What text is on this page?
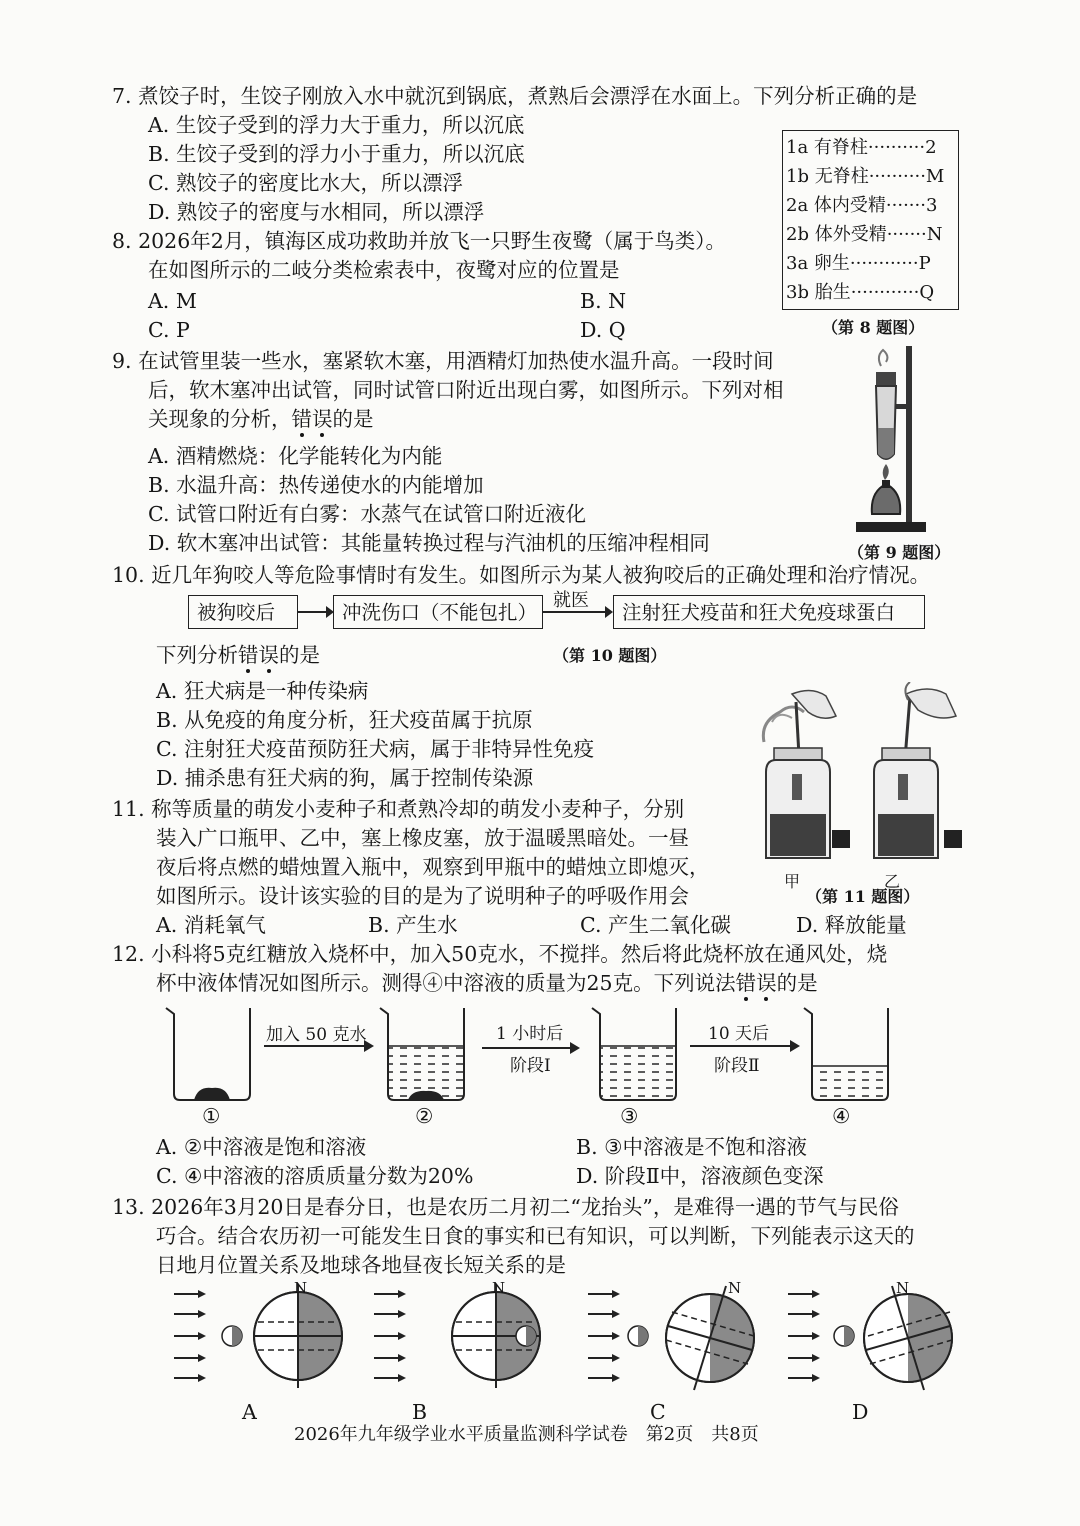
7. 煮饺子时，生饺子刚放入水中就沉到锅底，煮熟后会漂浮在水面上。下列分析正确的是
A. 生饺子受到的浮力大于重力，所以沉底
B. 生饺子受到的浮力小于重力，所以沉底
C. 熟饺子的密度比水大，所以漂浮
D. 熟饺子的密度与水相同，所以漂浮
1a 有脊柱··········2
1b 无脊柱··········M
2a 体内受精·······3
2b 体外受精·······N
3a 卵生············P
3b 胎生············Q
（第 8 题图）
8. 2026年2月，镇海区成功救助并放飞一只野生夜鹭（属于鸟类）。
在如图所示的二岐分类检索表中，夜鹭对应的位置是
A. M	B. N
C. P	D. Q
9. 在试管里装一些水，塞紧软木塞，用酒精灯加热使水温升高。一段时间
后，软木塞冲出试管，同时试管口附近出现白雾，如图所示。下列对相
关现象的分析，错误的是
A. 酒精燃烧：化学能转化为内能
B. 水温升高：热传递使水的内能增加
C. 试管口附近有白雾：水蒸气在试管口附近液化
D. 软木塞冲出试管：其能量转换过程与汽油机的压缩冲程相同	（第 9 题图）
10. 近几年狗咬人等危险事情时有发生。如图所示为某人被狗咬后的正确处理和治疗情况。
被狗咬后	冲洗伤口（不能包扎）
就医
注射狂犬疫苗和狂犬免疫球蛋白
下列分析错误的是	（第 10 题图）
A. 狂犬病是一种传染病
B. 从免疫的角度分析，狂犬疫苗属于抗原
C. 注射狂犬疫苗预防狂犬病，属于非特异性免疫
D. 捕杀患有狂犬病的狗，属于控制传染源
11. 称等质量的萌发小麦种子和煮熟冷却的萌发小麦种子，分别
装入广口瓶甲、乙中，塞上橡皮塞，放于温暖黑暗处。一昼
夜后将点燃的蜡烛置入瓶中，观察到甲瓶中的蜡烛立即熄灭，
如图所示。设计该实验的目的是为了说明种子的呼吸作用会
A. 消耗氧气	B. 产生水	C. 产生二氧化碳	D. 释放能量
甲
（第 11 题图）
乙
12. 小科将5克红糖放入烧杯中，加入50克水，不搅拌。然后将此烧杯放在通风处，烧
杯中液体情况如图所示。测得④中溶液的质量为25克。下列说法错误的是
加入 50 克水	1 小时后
阶段Ⅰ
10 天后
阶段Ⅱ
①	②	③	④
A. ②中溶液是饱和溶液	B. ③中溶液是不饱和溶液
C. ④中溶液的溶质质量分数为20%	D. 阶段Ⅱ中，溶液颜色变深
13. 2026年3月20日是春分日，也是农历二月初二“龙抬头”，是难得一遇的节气与民俗
巧合。结合农历初一可能发生日食的事实和已有知识，可以判断，下列能表示这天的
日地月位置关系及地球各地昼夜长短关系的是
N	N	N	N
A	B	C	D
2026年九年级学业水平质量监测科学试卷　第2页　共8页
